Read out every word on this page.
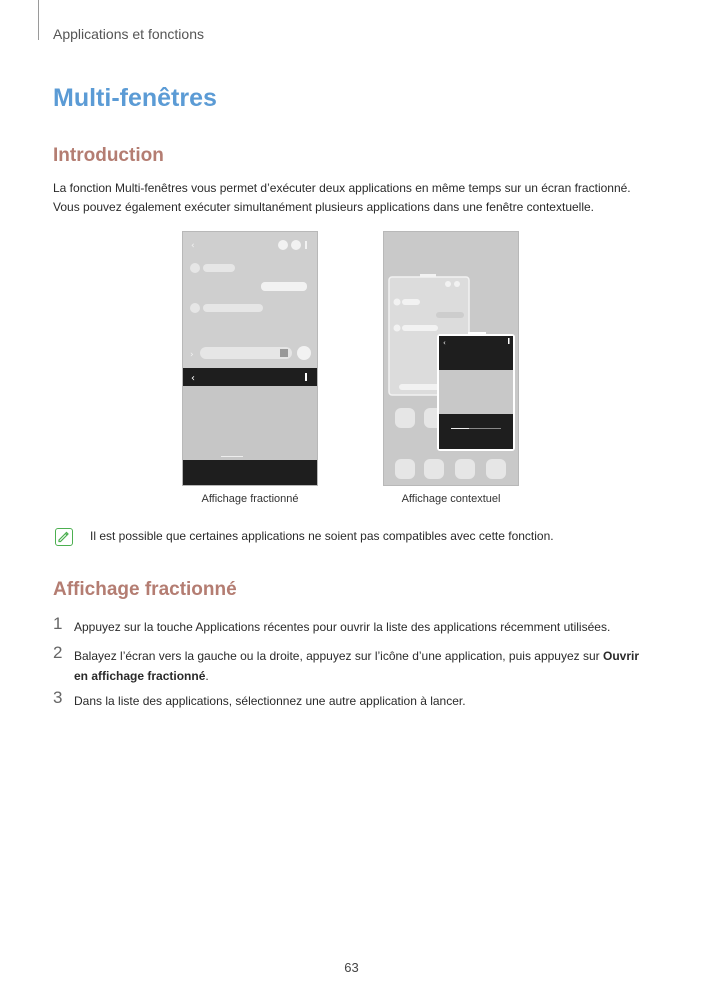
Applications et fonctions
Multi-fenêtres
Introduction

La fonction Multi-fenêtres vous permet d’exécuter deux applications en même temps sur un écran fractionné.

Vous pouvez également exécuter simultanément plusieurs applications dans une fenêtre contextuelle.

‹
›
‹
Affichage fractionné
‹
Affichage contextuel
Il est possible que certaines applications ne soient pas compatibles avec cette fonction.
Affichage fractionné
1 Appuyez sur la touche Applications récentes pour ouvrir la liste des applications récemment utilisées.
2 Balayez l’écran vers la gauche ou la droite, appuyez sur l’icône d’une application, puis appuyez sur Ouvrir
en affichage fractionné.
3 Dans la liste des applications, sélectionnez une autre application à lancer.
63
